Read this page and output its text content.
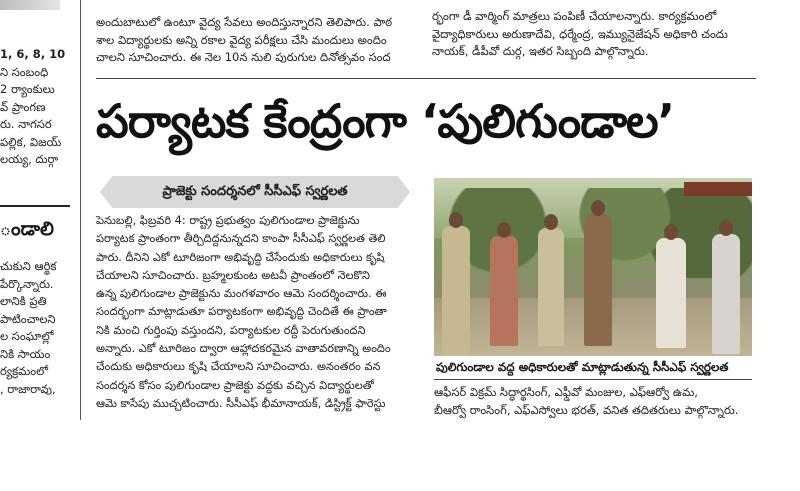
1, 6, 8, 10

ని సంబంధి

2 ర్యాంకులు

వ్ ప్రాంగణ

రు. నాగసర

పల్లిక, విజయ్

లయ్య, దుర్గా

ండాలి

చుకుని ఆర్థిక

పేర్కొన్నారు.

లానికి ప్రతి

పాటించాలని

ల సంఘాల్లో

నికి సాయం

ర్యక్రమంలో

, రాజారావు,

అందుబాటులో ఉంటూ వైద్య సేవలు అందిస్తున్నారని తెలిపారు. పాఠ

శాల విద్యార్థులకు అన్ని రకాల వైద్య పరీక్షలు చేసి మందులు అందిం

చాలని సూచించారు. ఈ నెల 10న నులి పురుగుల దినోత్సవం సంద

ర్భంగా డీ వార్మింగ్ మాత్రలు పంపిణీ చేయాలన్నారు. కార్యక్రమంలో

వైద్యాధికారులు అరుణాదేవి, ధర్మేంద్ర, ఇమ్యునైజేషన్ అధికారి చందు

నాయక్, డీపీవో దుర్గ, ఇతర సిబ్బంది పాల్గొన్నారు.

పర్యాటక కేంద్రంగా ‘పులిగుండాల’
ప్రాజెక్టు సందర్శనలో సీసీఎఫ్ స్వర్ణలత

పెనుబల్లి, ఫిబ్రవరి 4: రాష్ట్ర ప్రభుత్వం పులిగుండాల ప్రాజెక్టును

పర్యాటక ప్రాంతంగా తీర్చిదిద్దనున్నదని కాంపా సీసీఎఫ్ స్వర్ణలత తెలి

పారు. దీనిని ఎకో టూరిజంగా అభివృద్ధి చేసేందుకు అధికారులు కృషి

చేయాలని సూచించారు. బ్రహ్మలకుంట అటవీ ప్రాంతంలో నెలకొని

ఉన్న పులిగుండాల ప్రాజెక్టును మంగళవారం ఆమె సందర్శించారు. ఈ

సందర్భంగా మాట్లాడుతూ పర్యాటకంగా అభివృద్ధి చెందితే ఈ ప్రాంతా

నికి మంచి గుర్తింపు వస్తుందని, పర్యాటకుల రద్దీ పెరుగుతుందని

అన్నారు. ఎకో టూరిజం ద్వారా ఆహ్లాదకరమైన వాతావరణాన్ని అందిం

చేందుకు అధికారులు కృషి చేయాలని సూచించారు. అనంతరం వన

సందర్శన కోసం పులిగుండాల ప్రాజెక్టు వద్దకు వచ్చిన విద్యార్థులతో

ఆమె కాసేపు ముచ్చటించారు. సీసీఎఫ్ భీమానాయక్, డిస్ట్రిక్ట్ ఫారెస్టు

పులిగుండాల వద్ద అధికారులతో మాట్లాడుతున్న సీసీఎఫ్ స్వర్ణలత

ఆఫీసర్ విక్రమ్ సిద్ధార్థసింగ్, ఎఫ్డీవో మంజుల, ఎఫ్ఆర్వో ఉమ,

బీఆర్వో రాంసింగ్, ఎఫ్ఎస్వోలు భరత్, వనిత తదితరులు పాల్గొన్నారు.
